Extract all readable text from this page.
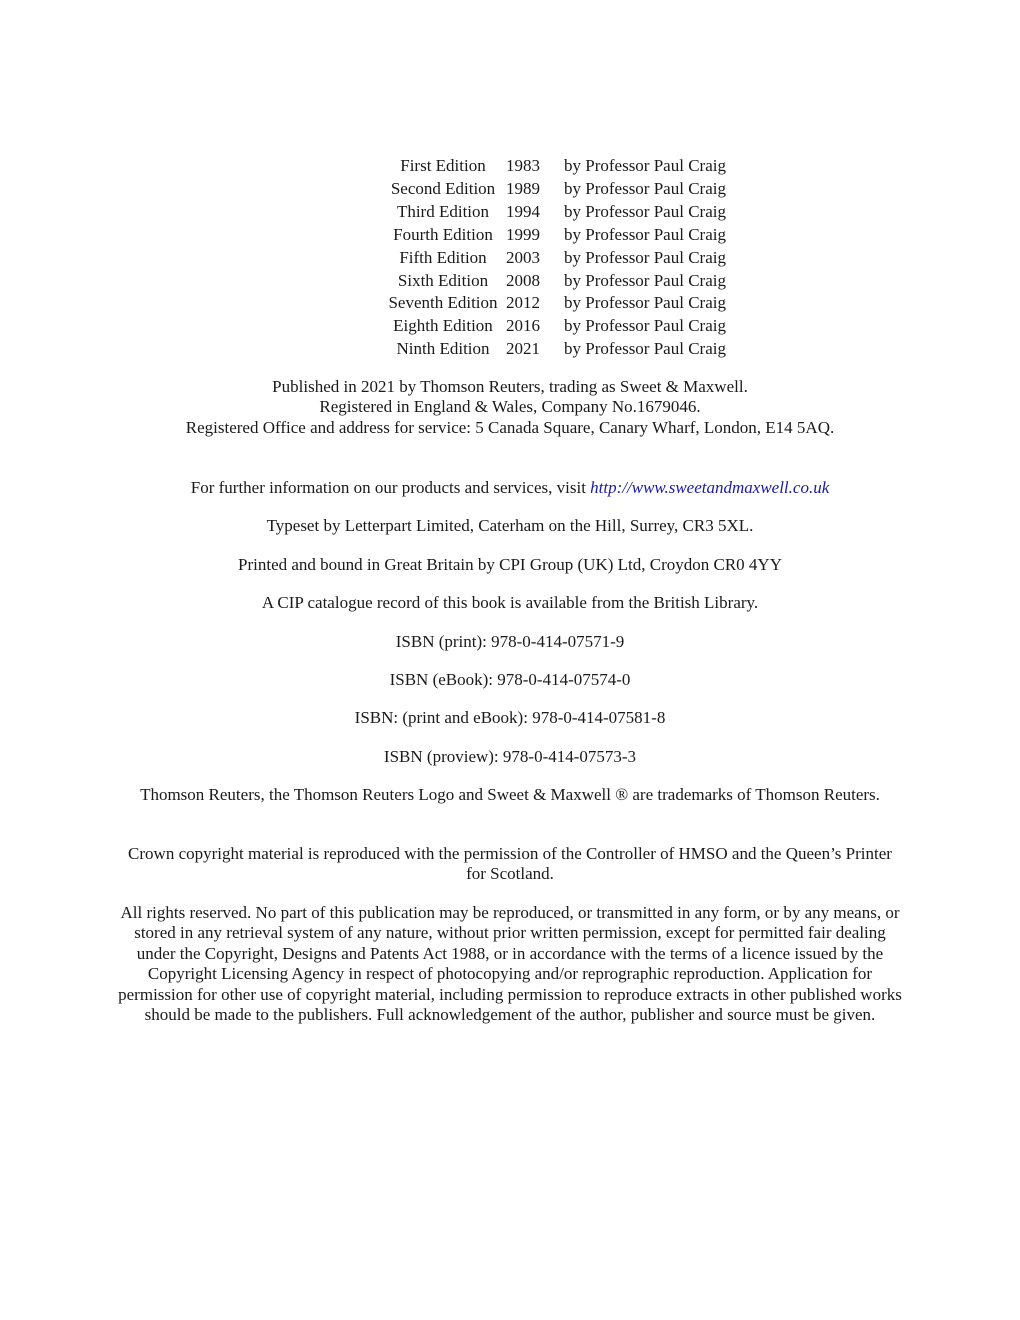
First Edition	1983	by Professor Paul Craig
Second Edition	1989	by Professor Paul Craig
Third Edition	1994	by Professor Paul Craig
Fourth Edition	1999	by Professor Paul Craig
Fifth Edition	2003	by Professor Paul Craig
Sixth Edition	2008	by Professor Paul Craig
Seventh Edition	2012	by Professor Paul Craig
Eighth Edition	2016	by Professor Paul Craig
Ninth Edition	2021	by Professor Paul Craig

Published in 2021 by Thomson Reuters, trading as Sweet & Maxwell.

Registered in England & Wales, Company No.1679046.

Registered Office and address for service: 5 Canada Square, Canary Wharf, London, E14 5AQ.

For further information on our products and services, visit http://www.sweetandmaxwell.co.uk

Typeset by Letterpart Limited, Caterham on the Hill, Surrey, CR3 5XL.

Printed and bound in Great Britain by CPI Group (UK) Ltd, Croydon CR0 4YY

A CIP catalogue record of this book is available from the British Library.

ISBN (print): 978-0-414-07571-9

ISBN (eBook): 978-0-414-07574-0

ISBN: (print and eBook): 978-0-414-07581-8

ISBN (proview): 978-0-414-07573-3

Thomson Reuters, the Thomson Reuters Logo and Sweet & Maxwell ® are trademarks of Thomson Reuters.

Crown copyright material is reproduced with the permission of the Controller of HMSO and the Queen’s Printer for Scotland.

All rights reserved. No part of this publication may be reproduced, or transmitted in any form, or by any means, or stored in any retrieval system of any nature, without prior written permission, except for permitted fair dealing under the Copyright, Designs and Patents Act 1988, or in accordance with the terms of a licence issued by the Copyright Licensing Agency in respect of photocopying and/or reprographic reproduction. Application for permission for other use of copyright material, including permission to reproduce extracts in other published works should be made to the publishers. Full acknowledgement of the author, publisher and source must be given.
